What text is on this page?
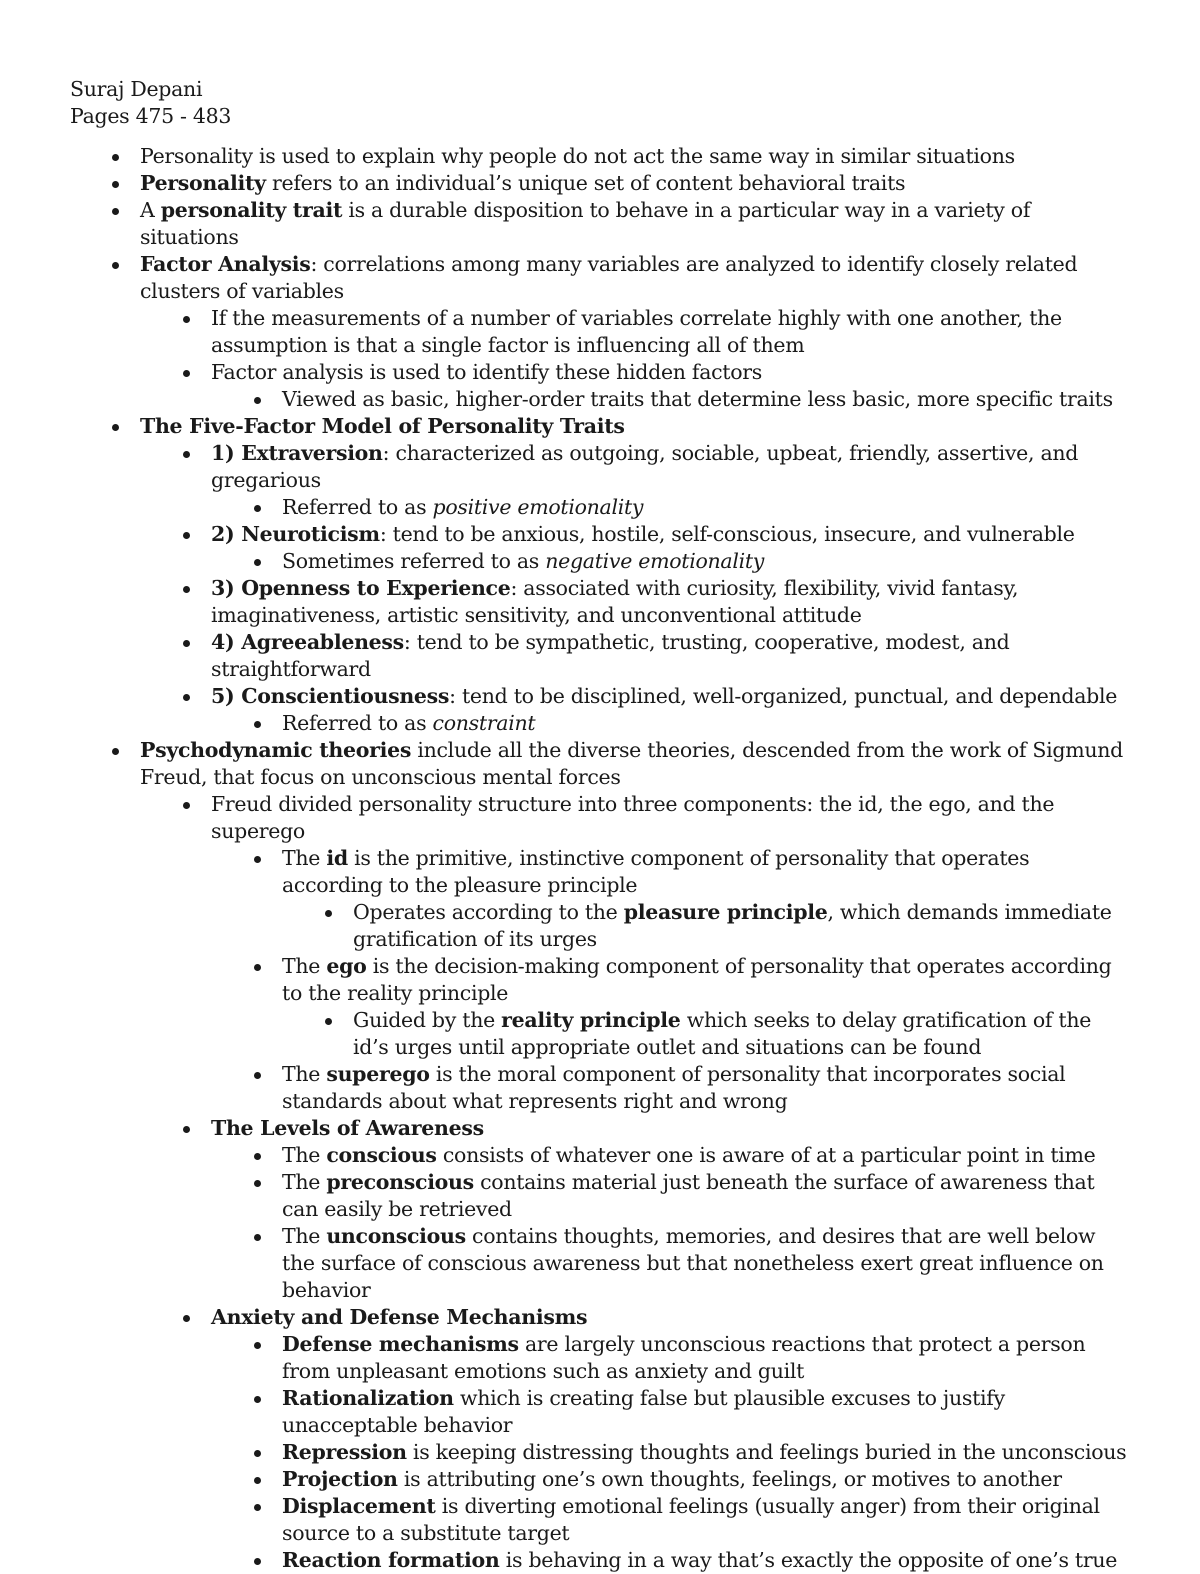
Suraj Depani
Pages 475 - 483
Personality is used to explain why people do not act the same way in similar situations
Personality refers to an individual’s unique set of content behavioral traits
A personality trait is a durable disposition to behave in a particular way in a variety of situations
Factor Analysis: correlations among many variables are analyzed to identify closely related clusters of variables
If the measurements of a number of variables correlate highly with one another, the assumption is that a single factor is influencing all of them
Factor analysis is used to identify these hidden factors
Viewed as basic, higher-order traits that determine less basic, more specific traits
The Five-Factor Model of Personality Traits
1) Extraversion: characterized as outgoing, sociable, upbeat, friendly, assertive, and gregarious
Referred to as positive emotionality
2) Neuroticism: tend to be anxious, hostile, self-conscious, insecure, and vulnerable
Sometimes referred to as negative emotionality
3) Openness to Experience: associated with curiosity, flexibility, vivid fantasy, imaginativeness, artistic sensitivity, and unconventional attitude
4) Agreeableness: tend to be sympathetic, trusting, cooperative, modest, and straightforward
5) Conscientiousness: tend to be disciplined, well-organized, punctual, and dependable
Referred to as constraint
Psychodynamic theories include all the diverse theories, descended from the work of Sigmund Freud, that focus on unconscious mental forces
Freud divided personality structure into three components: the id, the ego, and the superego
The id is the primitive, instinctive component of personality that operates according to the pleasure principle
Operates according to the pleasure principle, which demands immediate gratification of its urges
The ego is the decision-making component of personality that operates according to the reality principle
Guided by the reality principle which seeks to delay gratification of the id’s urges until appropriate outlet and situations can be found
The superego is the moral component of personality that incorporates social standards about what represents right and wrong
The Levels of Awareness
The conscious consists of whatever one is aware of at a particular point in time
The preconscious contains material just beneath the surface of awareness that can easily be retrieved
The unconscious contains thoughts, memories, and desires that are well below the surface of conscious awareness but that nonetheless exert great influence on behavior
Anxiety and Defense Mechanisms
Defense mechanisms are largely unconscious reactions that protect a person from unpleasant emotions such as anxiety and guilt
Rationalization which is creating false but plausible excuses to justify unacceptable behavior
Repression is keeping distressing thoughts and feelings buried in the unconscious
Projection is attributing one’s own thoughts, feelings, or motives to another
Displacement is diverting emotional feelings (usually anger) from their original source to a substitute target
Reaction formation is behaving in a way that’s exactly the opposite of one’s true
